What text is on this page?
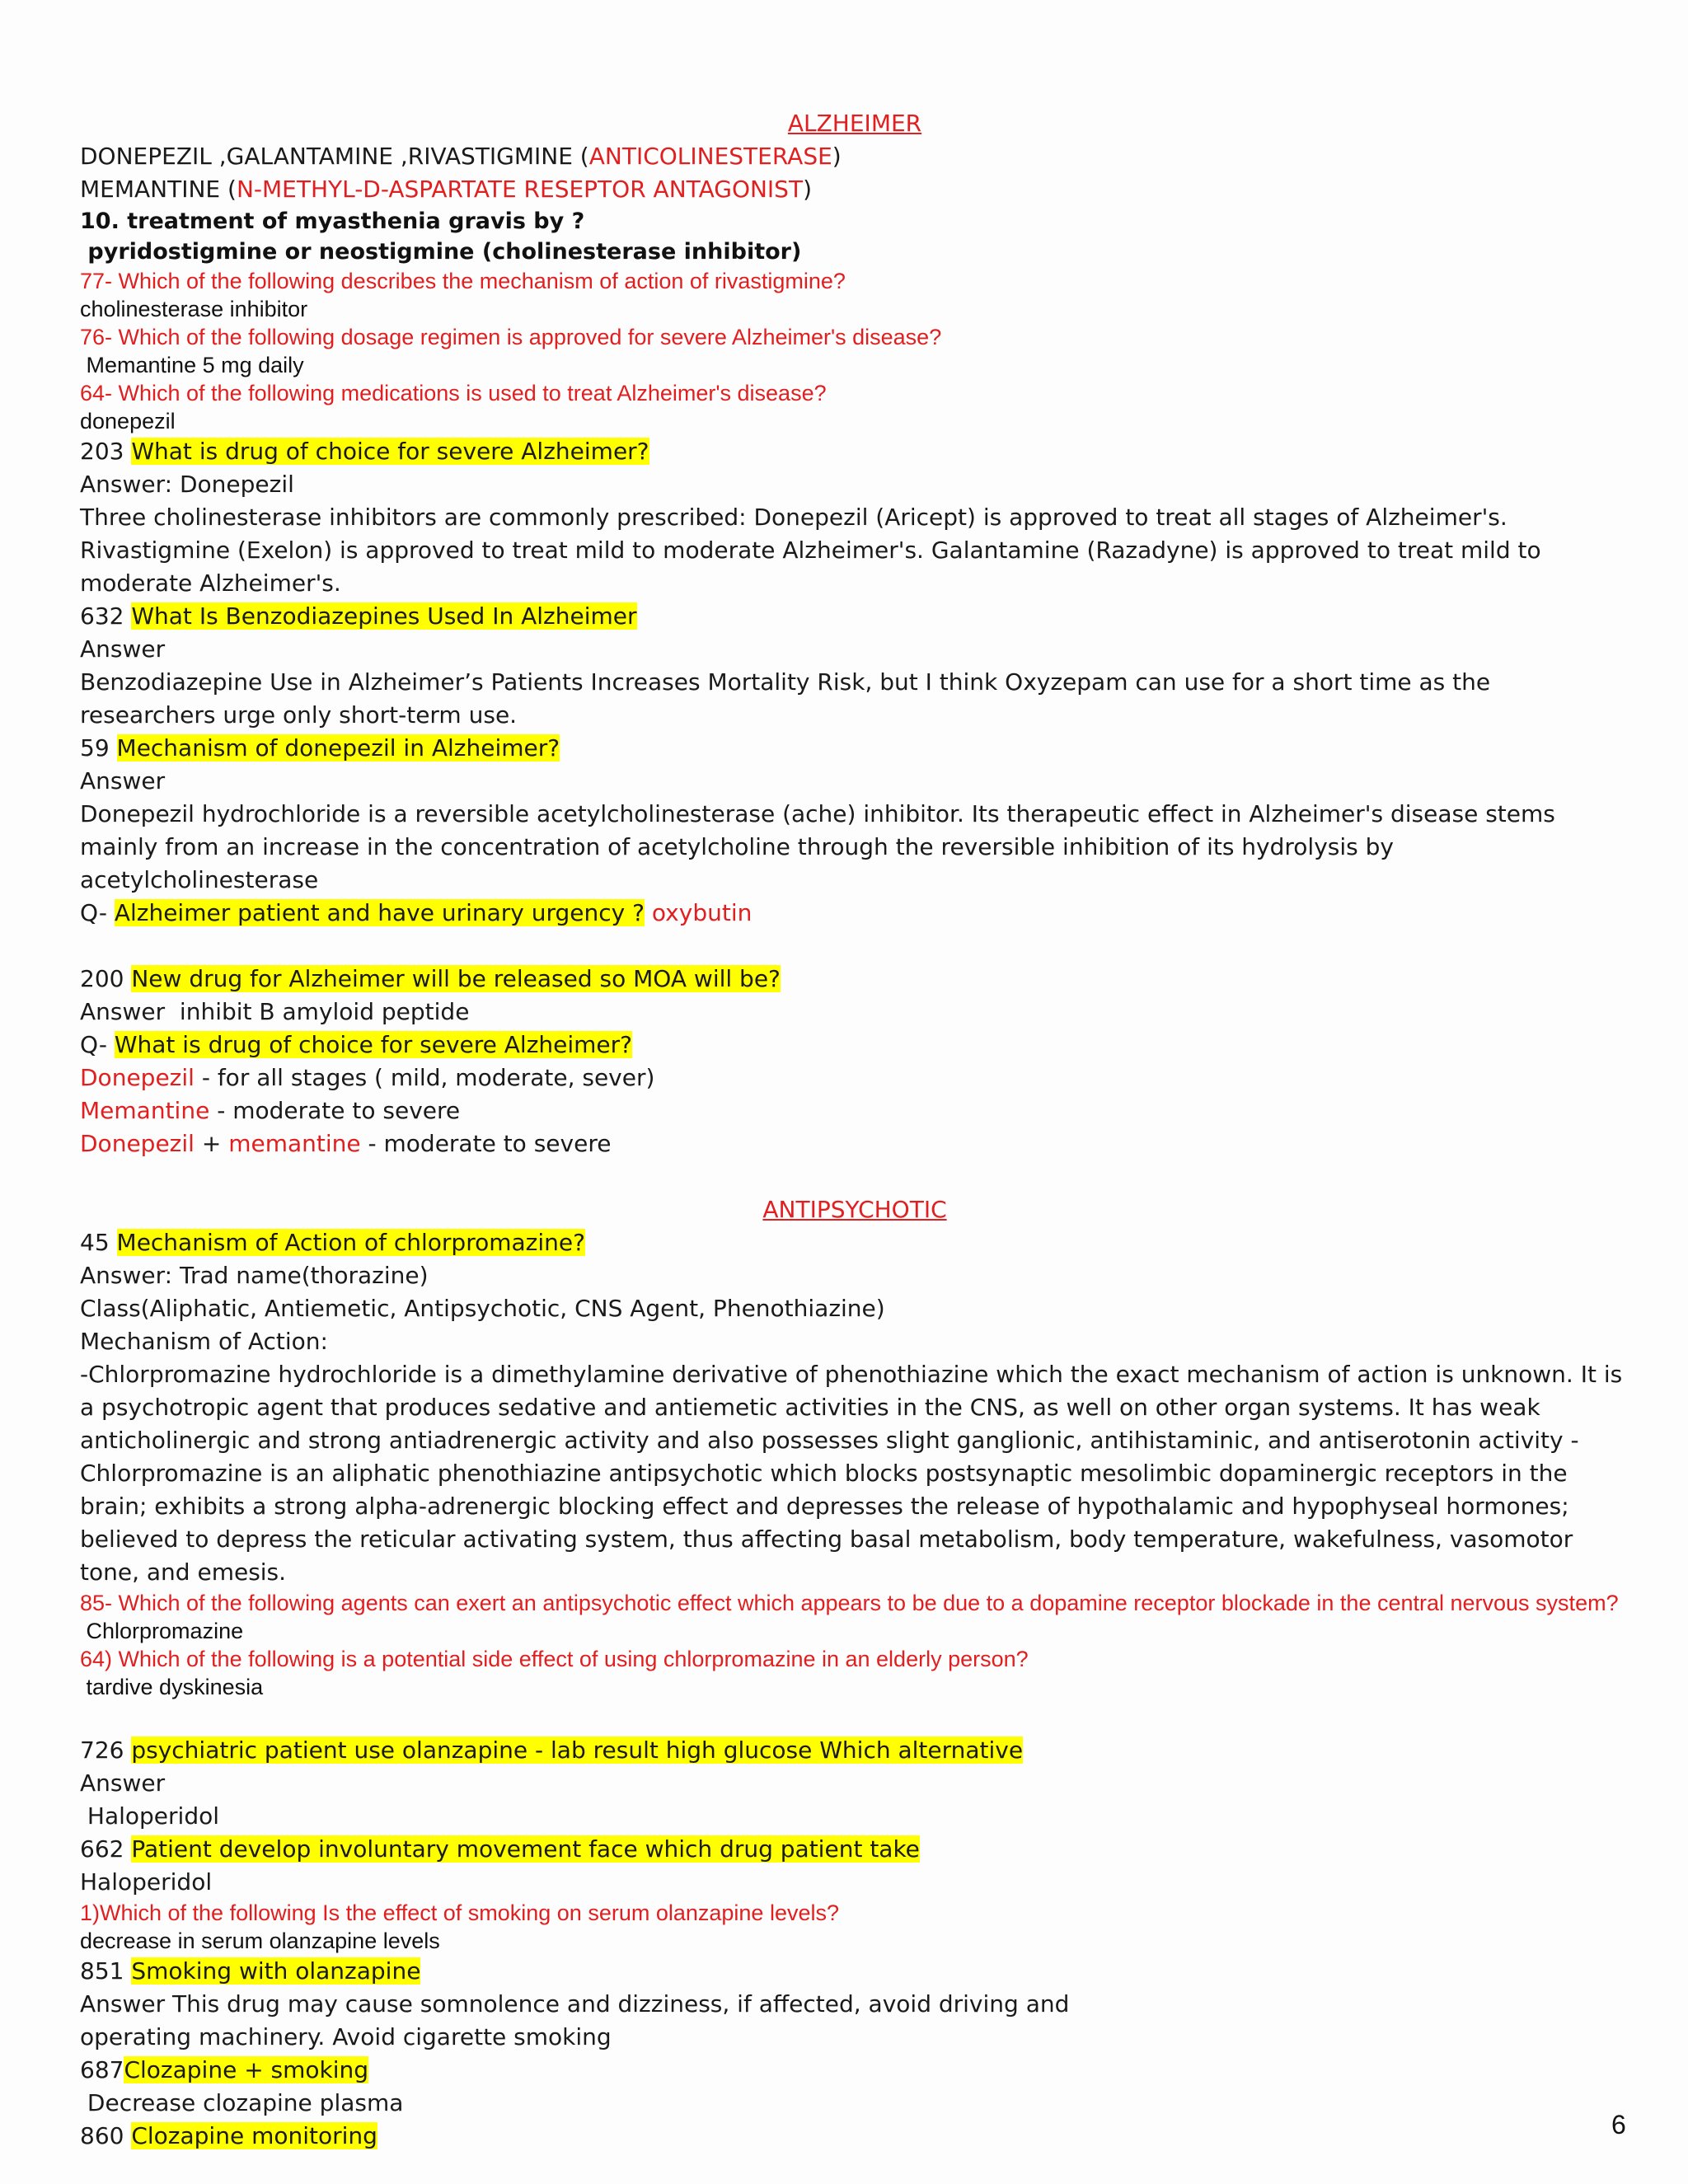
ALZHEIMER
DONEPEZIL ,GALANTAMINE ,RIVASTIGMINE (ANTICOLINESTERASE)
MEMANTINE (N-METHYL-D-ASPARTATE RESEPTOR ANTAGONIST)
10. treatment of myasthenia gravis by ?
pyridostigmine or neostigmine (cholinesterase inhibitor)
77- Which of the following describes the mechanism of action of rivastigmine?
cholinesterase inhibitor
76- Which of the following dosage regimen is approved for severe Alzheimer's disease?
Memantine 5 mg daily
64- Which of the following medications is used to treat Alzheimer's disease?
donepezil
203 What is drug of choice for severe Alzheimer?
Answer: Donepezil
Three cholinesterase inhibitors are commonly prescribed: Donepezil (Aricept) is approved to treat all stages of Alzheimer's. Rivastigmine (Exelon) is approved to treat mild to moderate Alzheimer's. Galantamine (Razadyne) is approved to treat mild to moderate Alzheimer's.
632 What Is Benzodiazepines Used In Alzheimer
Answer
Benzodiazepine Use in Alzheimer’s Patients Increases Mortality Risk, but I think Oxyzepam can use for a short time as the researchers urge only short-term use.
59 Mechanism of donepezil in Alzheimer?
Answer
Donepezil hydrochloride is a reversible acetylcholinesterase (ache) inhibitor. Its therapeutic effect in Alzheimer's disease stems mainly from an increase in the concentration of acetylcholine through the reversible inhibition of its hydrolysis by acetylcholinesterase
Q- Alzheimer patient and have urinary urgency ? oxybutin
200 New drug for Alzheimer will be released so MOA will be?
Answer  inhibit B amyloid peptide
Q- What is drug of choice for severe Alzheimer?
Donepezil - for all stages ( mild, moderate, sever)
Memantine - moderate to severe
Donepezil + memantine - moderate to severe
ANTIPSYCHOTIC
45 Mechanism of Action of chlorpromazine?
Answer: Trad name(thorazine)
Class(Aliphatic, Antiemetic, Antipsychotic, CNS Agent, Phenothiazine)
Mechanism of Action:
-Chlorpromazine hydrochloride is a dimethylamine derivative of phenothiazine which the exact mechanism of action is unknown. It is a psychotropic agent that produces sedative and antiemetic activities in the CNS, as well on other organ systems. It has weak anticholinergic and strong antiadrenergic activity and also possesses slight ganglionic, antihistaminic, and antiserotonin activity -Chlorpromazine is an aliphatic phenothiazine antipsychotic which blocks postsynaptic mesolimbic dopaminergic receptors in the brain; exhibits a strong alpha-adrenergic blocking effect and depresses the release of hypothalamic and hypophyseal hormones; believed to depress the reticular activating system, thus affecting basal metabolism, body temperature, wakefulness, vasomotor tone, and emesis.
85- Which of the following agents can exert an antipsychotic effect which appears to be due to a dopamine receptor blockade in the central nervous system?
Chlorpromazine
64) Which of the following is a potential side effect of using chlorpromazine in an elderly person?
tardive dyskinesia
726 psychiatric patient use olanzapine - lab result high glucose Which alternative
Answer
Haloperidol
662 Patient develop involuntary movement face which drug patient take
Haloperidol
1)Which of the following Is the effect of smoking on serum olanzapine levels?
decrease in serum olanzapine levels
851 Smoking with olanzapine
Answer This drug may cause somnolence and dizziness, if affected, avoid driving and operating machinery. Avoid cigarette smoking
687Clozapine + smoking
Decrease clozapine plasma
860 Clozapine monitoring	6
